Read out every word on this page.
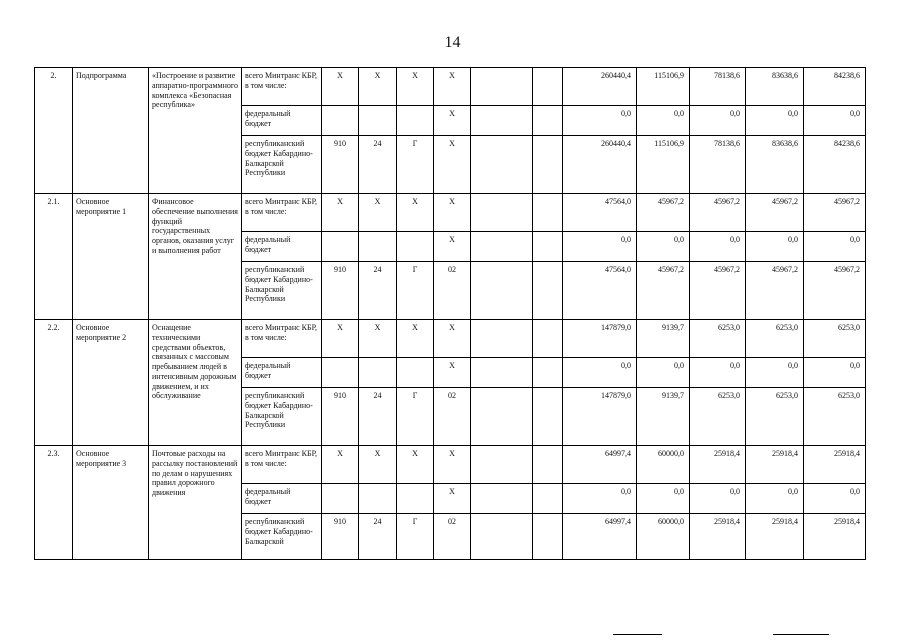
14
2.	Подпрограмма	«Построение и развитие аппаратно-программного комплекса «Безопасная республика»	всего Минтранс КБР, в том числе:	Х	Х	Х	Х			260440,4	115106,9	78138,6	83638,6	84238,6
			федеральный бюджет				Х			0,0	0,0	0,0	0,0	0,0
			республиканский бюджет Кабардино-Балкарской Республики	910	24	Г	Х			260440,4	115106,9	78138,6	83638,6	84238,6
2.1.	Основное мероприятие 1	Финансовое обеспечение выполнения функций государственных органов, оказания услуг и выполнения работ	всего Минтранс КБР, в том числе:	Х	Х	Х	Х			47564,0	45967,2	45967,2	45967,2	45967,2
			федеральный бюджет				Х			0,0	0,0	0,0	0,0	0,0
			республиканский бюджет Кабардино-Балкарской Республики	910	24	Г	02			47564,0	45967,2	45967,2	45967,2	45967,2
2.2.	Основное мероприятие 2	Оснащение техническими средствами объектов, связанных с массовым пребыванием людей в интенсивным дорожным движением, и их обслуживание	всего Минтранс КБР, в том числе:	Х	Х	Х	Х			147879,0	9139,7	6253,0	6253,0	6253,0
			федеральный бюджет				Х			0,0	0,0	0,0	0,0	0,0
			республиканский бюджет Кабардино-Балкарской Республики	910	24	Г	02			147879,0	9139,7	6253,0	6253,0	6253,0
2.3.	Основное мероприятие 3	Почтовые расходы на рассылку постановлений по делам о нарушениях правил дорожного движения	всего Минтранс КБР, в том числе:	Х	Х	Х	Х			64997,4	60000,0	25918,4	25918,4	25918,4
			федеральный бюджет				Х			0,0	0,0	0,0	0,0	0,0
			республиканский бюджет Кабардино-Балкарской	910	24	Г	02			64997,4	60000,0	25918,4	25918,4	25918,4
